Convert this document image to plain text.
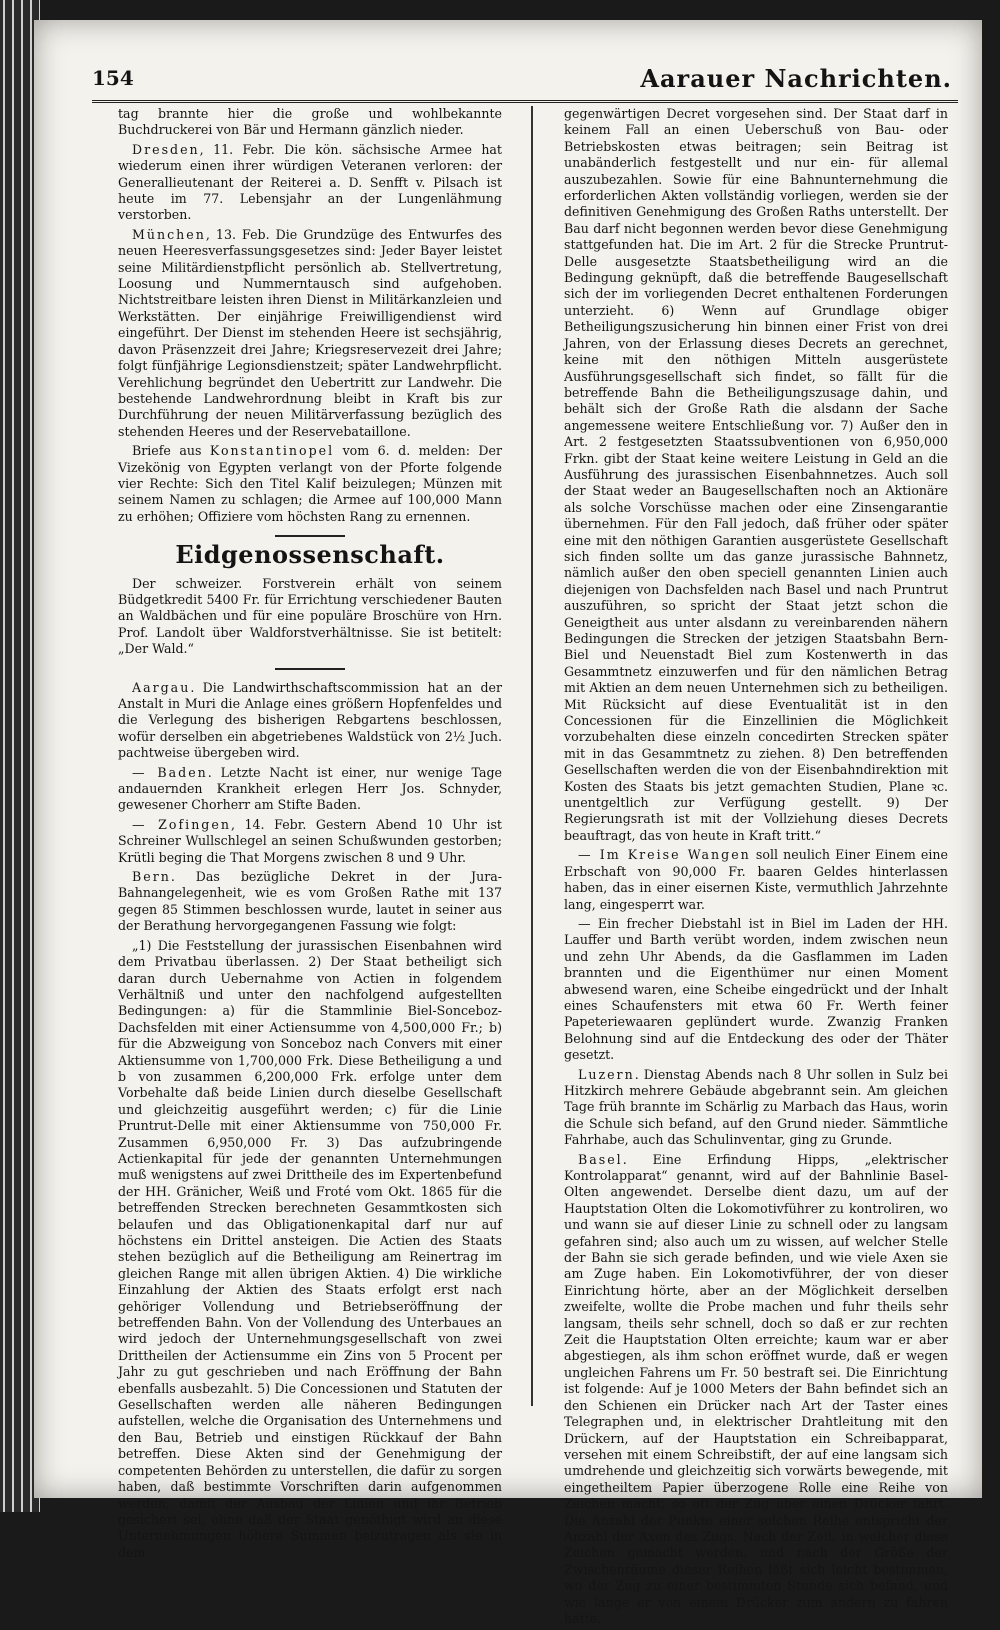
154	Aarauer Nachrichten.

tag brannte hier die große und wohlbekannte Buchdruckerei von Bär und Hermann gänzlich nieder.

Dresden, 11. Febr. Die kön. sächsische Armee hat wiederum einen ihrer würdigen Veteranen verloren: der Generallieutenant der Reiterei a. D. Senfft v. Pilsach ist heute im 77. Lebensjahr an der Lungenlähmung verstorben.

München, 13. Feb. Die Grundzüge des Entwurfes des neuen Heeresverfassungsgesetzes sind: Jeder Bayer leistet seine Militärdienstpflicht persönlich ab. Stellvertretung, Loosung und Nummerntausch sind aufgehoben. Nichtstreitbare leisten ihren Dienst in Militärkanzleien und Werkstätten. Der einjährige Freiwilligendienst wird eingeführt. Der Dienst im stehenden Heere ist sechsjährig, davon Präsenzzeit drei Jahre; Kriegsreservezeit drei Jahre; folgt fünfjährige Legionsdienstzeit; später Landwehrpflicht. Verehlichung begründet den Uebertritt zur Landwehr. Die bestehende Landwehrordnung bleibt in Kraft bis zur Durchführung der neuen Militärverfassung bezüglich des stehenden Heeres und der Reservebataillone.

Briefe aus Konstantinopel vom 6. d. melden: Der Vizekönig von Egypten verlangt von der Pforte folgende vier Rechte: Sich den Titel Kalif beizulegen; Münzen mit seinem Namen zu schlagen; die Armee auf 100,000 Mann zu erhöhen; Offiziere vom höchsten Rang zu ernennen.

Eidgenossenschaft.

Der schweizer. Forstverein erhält von seinem Büdgetkredit 5400 Fr. für Errichtung verschiedener Bauten an Waldbächen und für eine populäre Broschüre von Hrn. Prof. Landolt über Waldforstverhältnisse. Sie ist betitelt: „Der Wald.“

Aargau. Die Landwirthschaftscommission hat an der Anstalt in Muri die Anlage eines größern Hopfenfeldes und die Verlegung des bisherigen Rebgartens beschlossen, wofür derselben ein abgetriebenes Waldstück von 2½ Juch. pachtweise übergeben wird.

— Baden. Letzte Nacht ist einer, nur wenige Tage andauernden Krankheit erlegen Herr Jos. Schnyder, gewesener Chorherr am Stifte Baden.

— Zofingen, 14. Febr. Gestern Abend 10 Uhr ist Schreiner Wullschlegel an seinen Schußwunden gestorben; Krütli beging die That Morgens zwischen 8 und 9 Uhr.

Bern. Das bezügliche Dekret in der Jura-Bahnangelegenheit, wie es vom Großen Rathe mit 137 gegen 85 Stimmen beschlossen wurde, lautet in seiner aus der Berathung hervorgegangenen Fassung wie folgt:

„1) Die Feststellung der jurassischen Eisenbahnen wird dem Privatbau überlassen. 2) Der Staat betheiligt sich daran durch Uebernahme von Actien in folgendem Verhältniß und unter den nachfolgend aufgestellten Bedingungen: a) für die Stammlinie Biel-Sonceboz-Dachsfelden mit einer Actiensumme von 4,500,000 Fr.; b) für die Abzweigung von Sonceboz nach Convers mit einer Aktiensumme von 1,700,000 Frk. Diese Betheiligung a und b von zusammen 6,200,000 Frk. erfolge unter dem Vorbehalte daß beide Linien durch dieselbe Gesellschaft und gleichzeitig ausgeführt werden; c) für die Linie Pruntrut-Delle mit einer Aktiensumme von 750,000 Fr. Zusammen 6,950,000 Fr. 3) Das aufzubringende Actienkapital für jede der genannten Unternehmungen muß wenigstens auf zwei Drittheile des im Expertenbefund der HH. Gränicher, Weiß und Froté vom Okt. 1865 für die betreffenden Strecken berechneten Gesammtkosten sich belaufen und das Obligationenkapital darf nur auf höchstens ein Drittel ansteigen. Die Actien des Staats stehen bezüglich auf die Betheiligung am Reinertrag im gleichen Range mit allen übrigen Aktien. 4) Die wirkliche Einzahlung der Aktien des Staats erfolgt erst nach gehöriger Vollendung und Betriebseröffnung der betreffenden Bahn. Von der Vollendung des Unterbaues an wird jedoch der Unternehmungsgesellschaft von zwei Drittheilen der Actiensumme ein Zins von 5 Procent per Jahr zu gut geschrieben und nach Eröffnung der Bahn ebenfalls ausbezahlt. 5) Die Concessionen und Statuten der Gesellschaften werden alle näheren Bedingungen aufstellen, welche die Organisation des Unternehmens und den Bau, Betrieb und einstigen Rückkauf der Bahn betreffen. Diese Akten sind der Genehmigung der competenten Behörden zu unterstellen, die dafür zu sorgen haben, daß bestimmte Vorschriften darin aufgenommen werden, damit der Ausbau der Linien und ihr Betrieb gesichert sei, ohne daß der Staat genöthigt wird an diese Unternehmungen höhere Summen beizutragen als sie in dem

gegenwärtigen Decret vorgesehen sind. Der Staat darf in keinem Fall an einen Ueberschuß von Bau- oder Betriebskosten etwas beitragen; sein Beitrag ist unabänderlich festgestellt und nur ein- für allemal auszubezahlen. Sowie für eine Bahnunternehmung die erforderlichen Akten vollständig vorliegen, werden sie der definitiven Genehmigung des Großen Raths unterstellt. Der Bau darf nicht begonnen werden bevor diese Genehmigung stattgefunden hat. Die im Art. 2 für die Strecke Pruntrut-Delle ausgesetzte Staatsbetheiligung wird an die Bedingung geknüpft, daß die betreffende Baugesellschaft sich der im vorliegenden Decret enthaltenen Forderungen unterzieht. 6) Wenn auf Grundlage obiger Betheiligungszusicherung hin binnen einer Frist von drei Jahren, von der Erlassung dieses Decrets an gerechnet, keine mit den nöthigen Mitteln ausgerüstete Ausführungsgesellschaft sich findet, so fällt für die betreffende Bahn die Betheiligungszusage dahin, und behält sich der Große Rath die alsdann der Sache angemessene weitere Entschließung vor. 7) Außer den in Art. 2 festgesetzten Staatssubventionen von 6,950,000 Frkn. gibt der Staat keine weitere Leistung in Geld an die Ausführung des jurassischen Eisenbahnnetzes. Auch soll der Staat weder an Baugesellschaften noch an Aktionäre als solche Vorschüsse machen oder eine Zinsengarantie übernehmen. Für den Fall jedoch, daß früher oder später eine mit den nöthigen Garantien ausgerüstete Gesellschaft sich finden sollte um das ganze jurassische Bahnnetz, nämlich außer den oben speciell genannten Linien auch diejenigen von Dachsfelden nach Basel und nach Pruntrut auszuführen, so spricht der Staat jetzt schon die Geneigtheit aus unter alsdann zu vereinbarenden nähern Bedingungen die Strecken der jetzigen Staatsbahn Bern-Biel und Neuenstadt Biel zum Kostenwerth in das Gesammtnetz einzuwerfen und für den nämlichen Betrag mit Aktien an dem neuen Unternehmen sich zu betheiligen. Mit Rücksicht auf diese Eventualität ist in den Concessionen für die Einzellinien die Möglichkeit vorzubehalten diese einzeln concedirten Strecken später mit in das Gesammtnetz zu ziehen. 8) Den betreffenden Gesellschaften werden die von der Eisenbahndirektion mit Kosten des Staats bis jetzt gemachten Studien, Plane ꝛc. unentgeltlich zur Verfügung gestellt. 9) Der Regierungsrath ist mit der Vollziehung dieses Decrets beauftragt, das von heute in Kraft tritt.“

— Im Kreise Wangen soll neulich Einer Einem eine Erbschaft von 90,000 Fr. baaren Geldes hinterlassen haben, das in einer eisernen Kiste, vermuthlich Jahrzehnte lang, eingesperrt war.

— Ein frecher Diebstahl ist in Biel im Laden der HH. Lauffer und Barth verübt worden, indem zwischen neun und zehn Uhr Abends, da die Gasflammen im Laden brannten und die Eigenthümer nur einen Moment abwesend waren, eine Scheibe eingedrückt und der Inhalt eines Schaufensters mit etwa 60 Fr. Werth feiner Papeteriewaaren geplündert wurde. Zwanzig Franken Belohnung sind auf die Entdeckung des oder der Thäter gesetzt.

Luzern. Dienstag Abends nach 8 Uhr sollen in Sulz bei Hitzkirch mehrere Gebäude abgebrannt sein. Am gleichen Tage früh brannte im Schärlig zu Marbach das Haus, worin die Schule sich befand, auf den Grund nieder. Sämmtliche Fahrhabe, auch das Schulinventar, ging zu Grunde.

Basel. Eine Erfindung Hipps, „elektrischer Kontrolapparat“ genannt, wird auf der Bahnlinie Basel-Olten angewendet. Derselbe dient dazu, um auf der Hauptstation Olten die Lokomotivführer zu kontroliren, wo und wann sie auf dieser Linie zu schnell oder zu langsam gefahren sind; also auch um zu wissen, auf welcher Stelle der Bahn sie sich gerade befinden, und wie viele Axen sie am Zuge haben. Ein Lokomotivführer, der von dieser Einrichtung hörte, aber an der Möglichkeit derselben zweifelte, wollte die Probe machen und fuhr theils sehr langsam, theils sehr schnell, doch so daß er zur rechten Zeit die Hauptstation Olten erreichte; kaum war er aber abgestiegen, als ihm schon eröffnet wurde, daß er wegen ungleichen Fahrens um Fr. 50 bestraft sei. Die Einrichtung ist folgende: Auf je 1000 Meters der Bahn befindet sich an den Schienen ein Drücker nach Art der Taster eines Telegraphen und, in elektrischer Drahtleitung mit den Drückern, auf der Hauptstation ein Schreibapparat, versehen mit einem Schreibstift, der auf eine langsam sich umdrehende und gleichzeitig sich vorwärts bewegende, mit eingetheiltem Papier überzogene Rolle eine Reihe von Zeichen macht, so oft der Zug über einen Drücker fährt. Die Anzahl der Punkte einer solchen Reihe entspricht der Anzahl der Axen des Zugs. Nach der Zeit, in welcher diese Zeichen gemacht werden, und nach der Größe der Zwischenräume dieser Reihen läßt sich leicht bestimmen, wo der Zug zu einer bestimmten Stunde sich befand, und wie lange er von einem Drücker zum andern zu fahren hatte.
